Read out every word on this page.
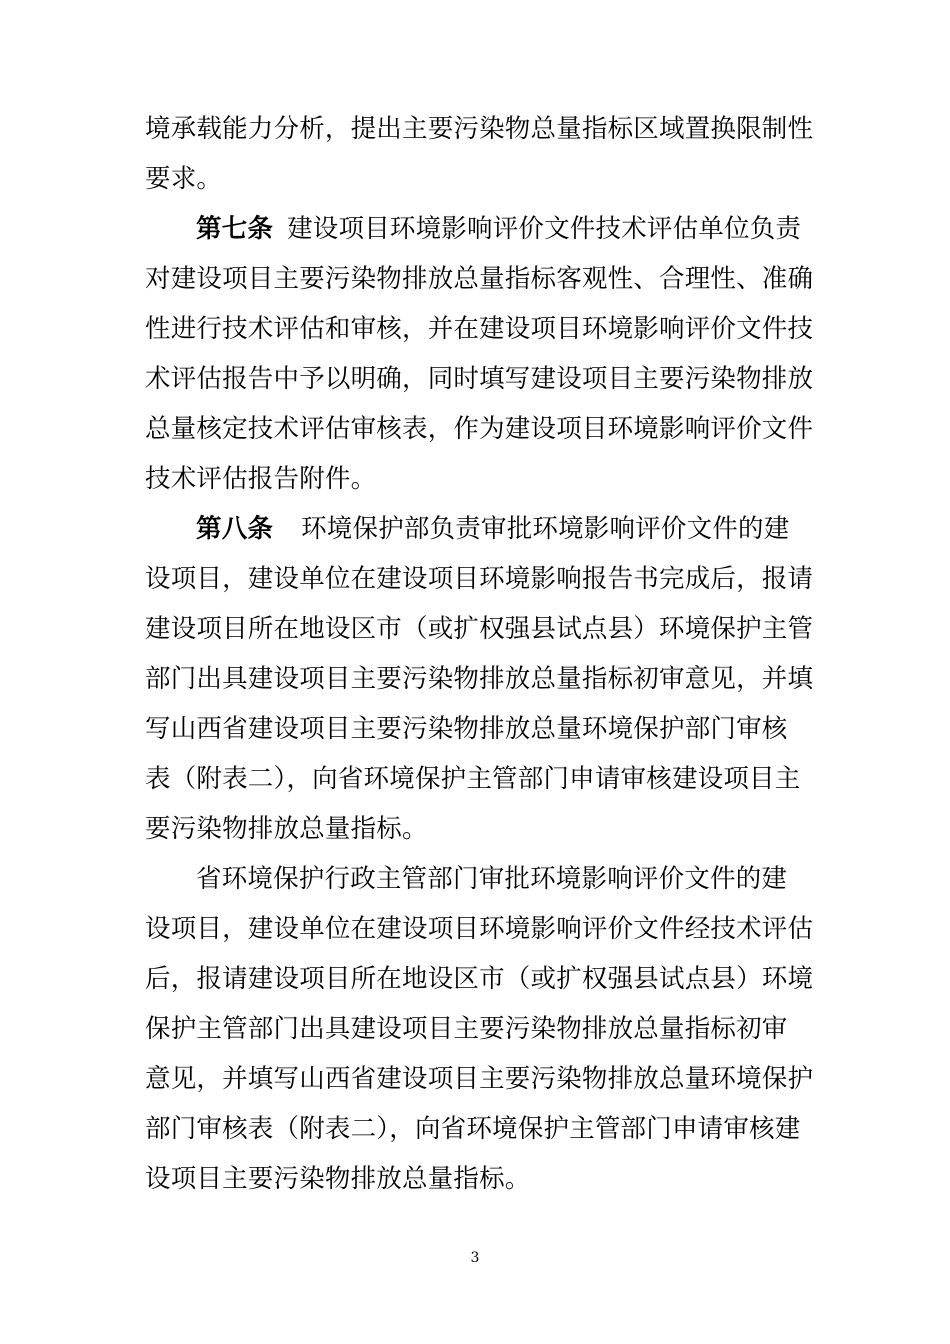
境承载能力分析，提出主要污染物总量指标区域置换限制性
要求。
第七条 建设项目环境影响评价文件技术评估单位负责
对建设项目主要污染物排放总量指标客观性、合理性、准确
性进行技术评估和审核，并在建设项目环境影响评价文件技
术评估报告中予以明确，同时填写建设项目主要污染物排放
总量核定技术评估审核表，作为建设项目环境影响评价文件
技术评估报告附件。
第八条 环境保护部负责审批环境影响评价文件的建
设项目，建设单位在建设项目环境影响报告书完成后，报请
建设项目所在地设区市（或扩权强县试点县）环境保护主管
部门出具建设项目主要污染物排放总量指标初审意见，并填
写山西省建设项目主要污染物排放总量环境保护部门审核
表（附表二），向省环境保护主管部门申请审核建设项目主
要污染物排放总量指标。
省环境保护行政主管部门审批环境影响评价文件的建
设项目，建设单位在建设项目环境影响评价文件经技术评估
后，报请建设项目所在地设区市（或扩权强县试点县）环境
保护主管部门出具建设项目主要污染物排放总量指标初审
意见，并填写山西省建设项目主要污染物排放总量环境保护
部门审核表（附表二），向省环境保护主管部门申请审核建
设项目主要污染物排放总量指标。
3
